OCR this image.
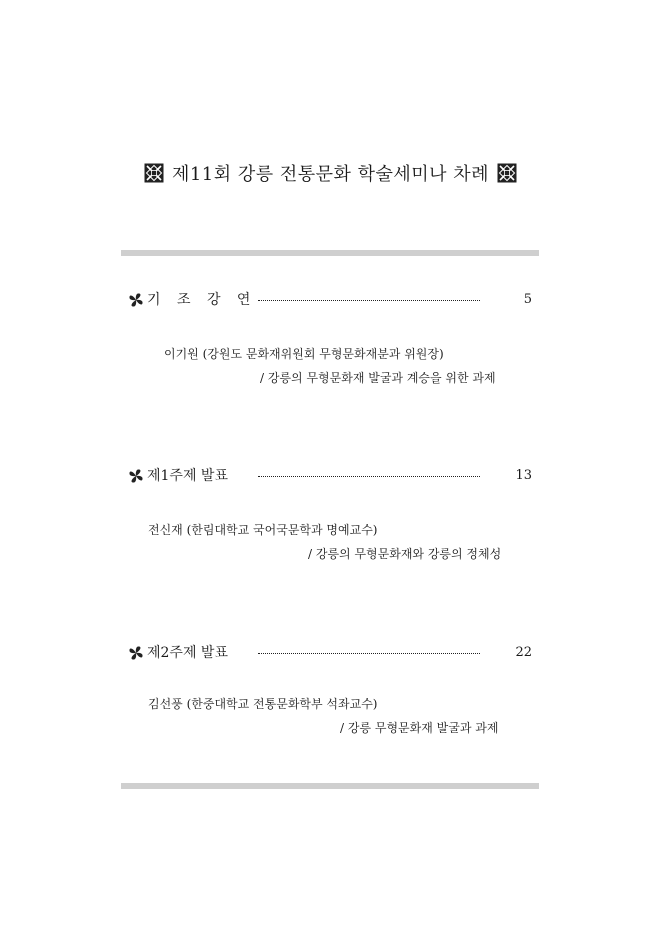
제11회 강릉 전통문화 학술세미나 차례
기 조 강 연	5
이기원 (강원도 문화재위원회 무형문화재분과 위원장)
/ 강릉의 무형문화재 발굴과 계승을 위한 과제
제1주제 발표	13
전신재 (한림대학교 국어국문학과 명예교수)
/ 강릉의 무형문화재와 강릉의 정체성
제2주제 발표	22
김선풍 (한중대학교 전통문화학부 석좌교수)
/ 강릉 무형문화재 발굴과 과제
